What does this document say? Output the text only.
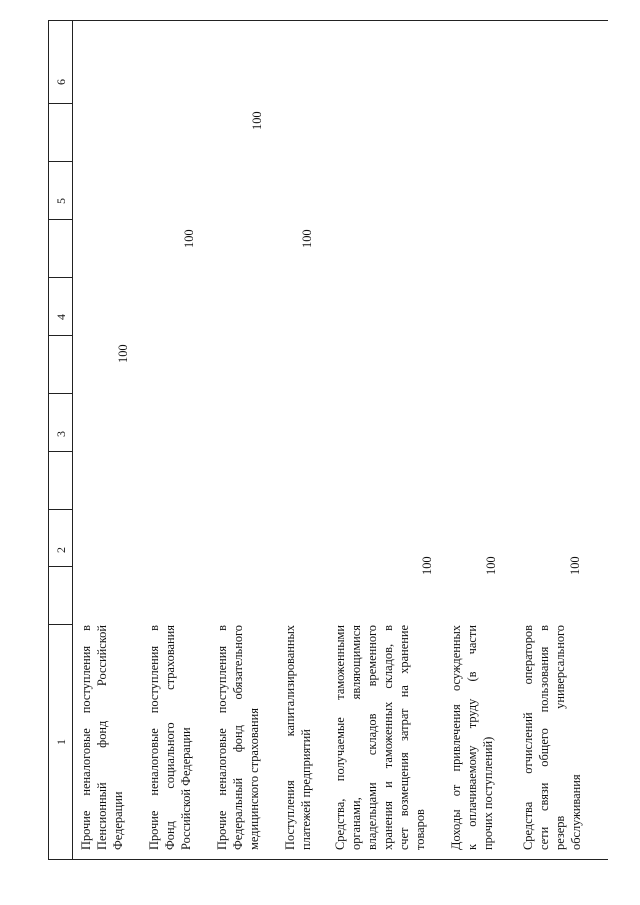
1
2
3
4
5
6
Прочие
неналоговые
поступления
в
Пенсионный
фонд
Российской
Федерации
100
Прочие
неналоговые
поступления
в
Фонд
социального
страхования
Российской Федерации
100
Прочие
неналоговые
поступления
в
Федеральный
фонд
обязательного
медицинского страхования
100
Поступления
капитализированных
платежей предприятий
100
Средства,
получаемые
таможенными
органами,
являющимися
владельцами
складов
временного
хранения
и
таможенных
складов,
в
счет
возмещения
затрат
на
хранение
товаров
100
Доходы
от
привлечения
осужденных
к
оплачиваемому
труду
(в
части
прочих поступлений)
100
Средства
отчислений
операторов
сети
связи
общего
пользования
в
резерв
универсального
обслуживания
100
